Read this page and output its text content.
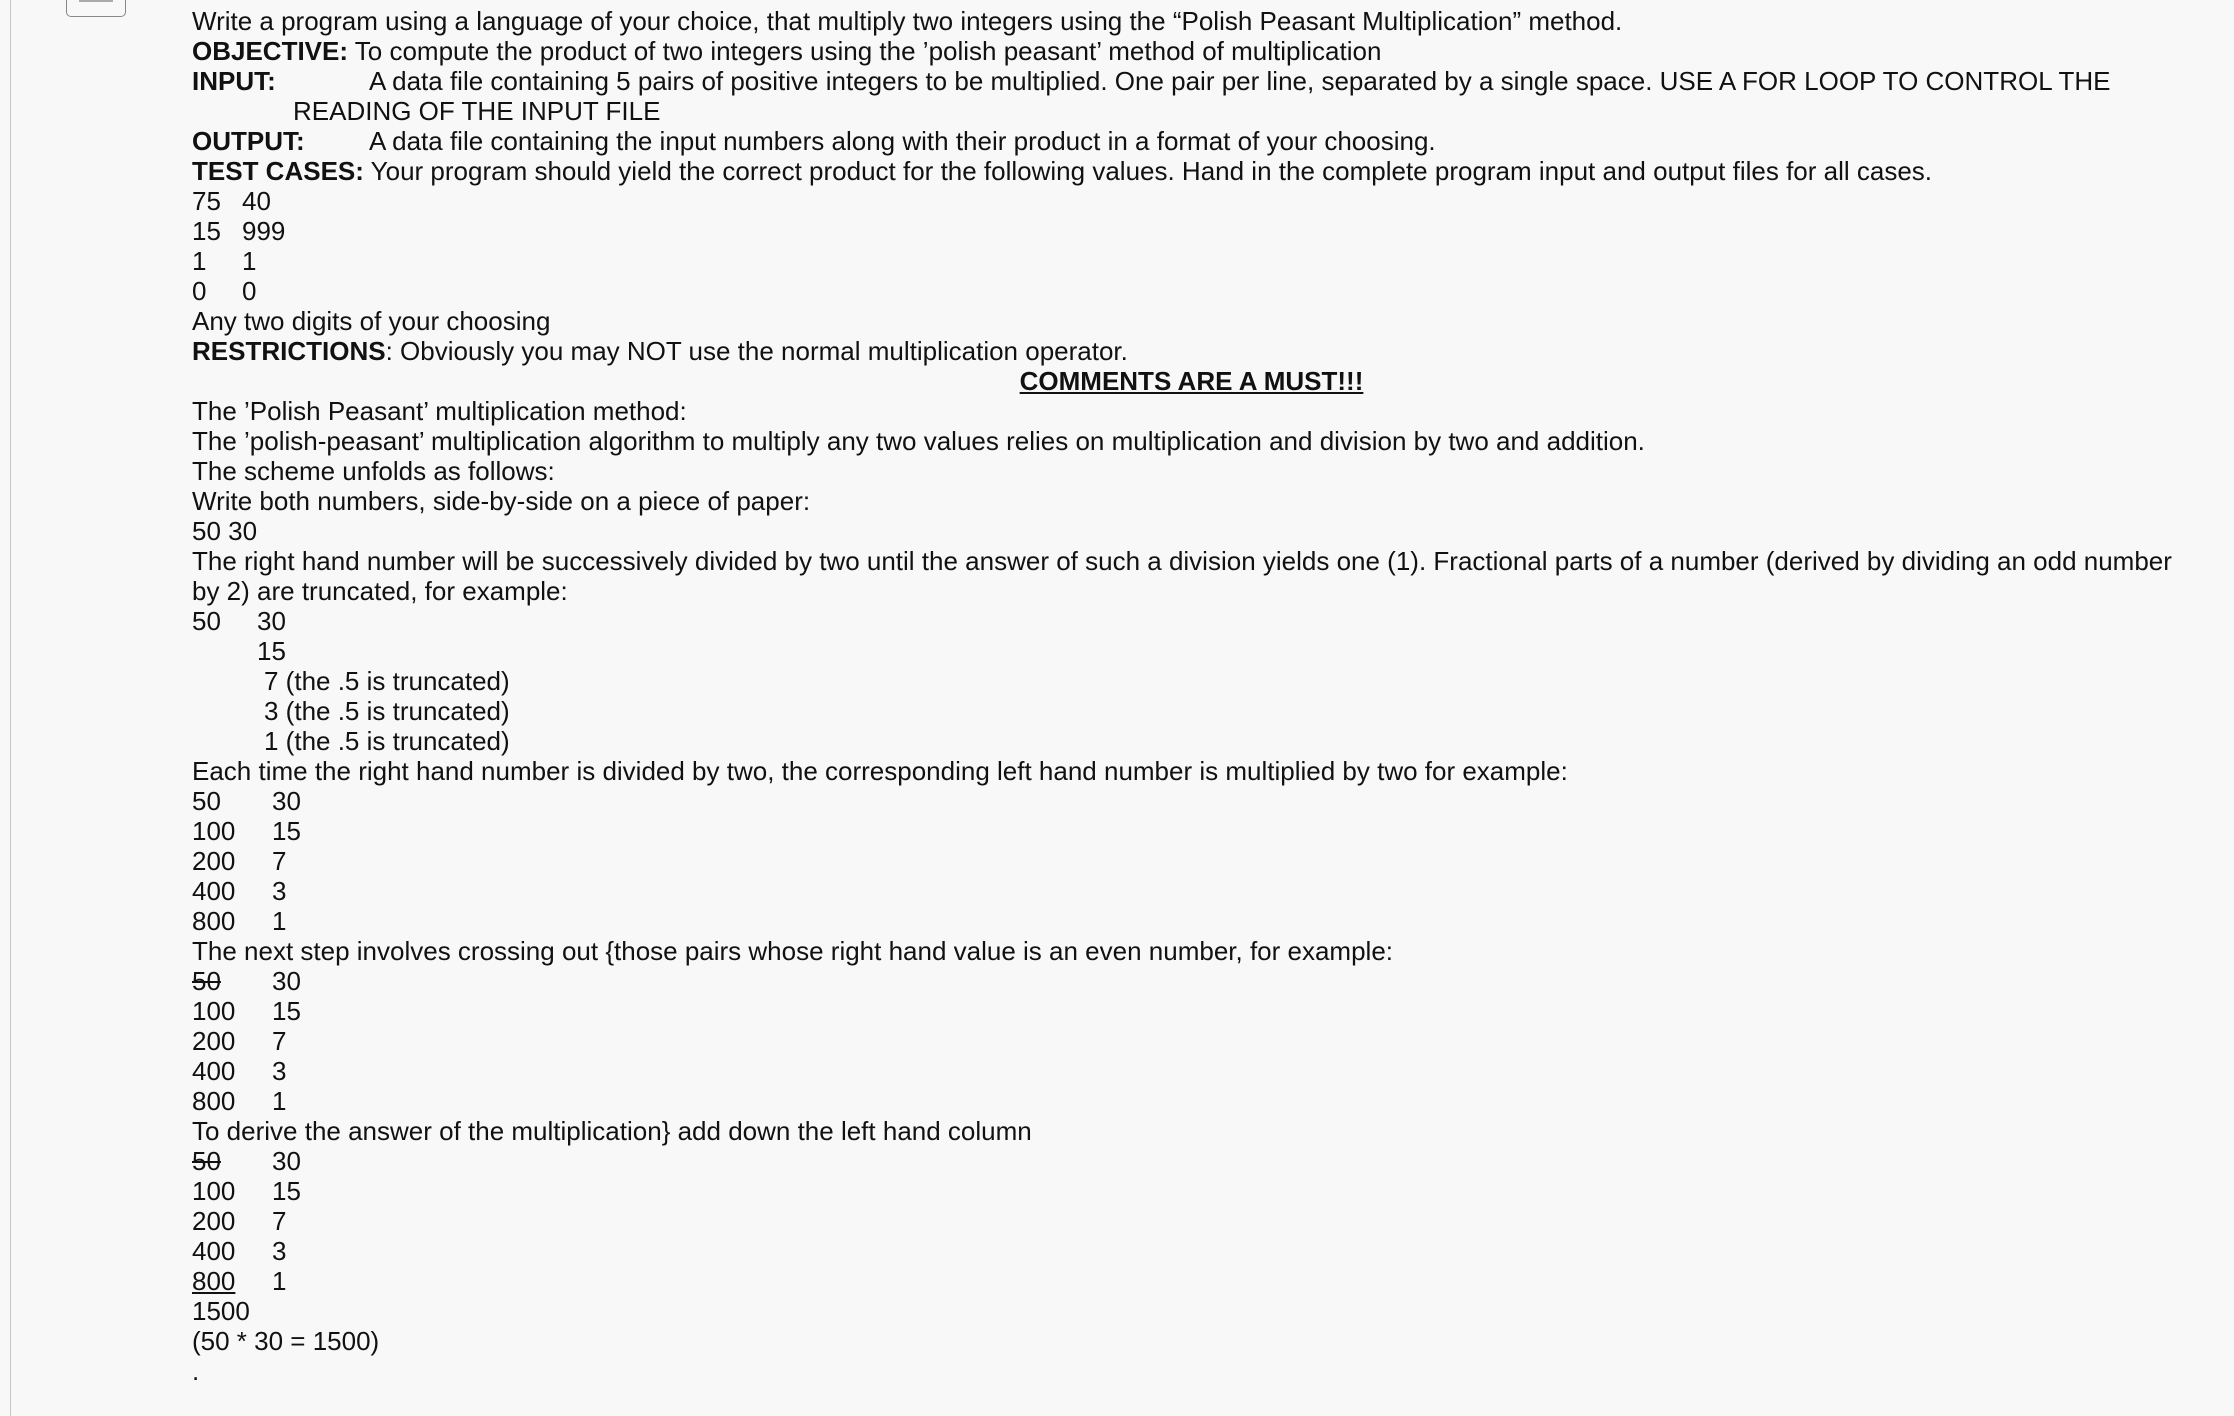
Write a program using a language of your choice, that multiply two integers using the “Polish Peasant Multiplication” method.
OBJECTIVE: To compute the product of two integers using the ’polish peasant’ method of multiplication
INPUT:	A data file containing 5 pairs of positive integers to be multiplied. One pair per line, separated by a single space. USE A FOR LOOP TO CONTROL THE
READING OF THE INPUT FILE
OUTPUT: A data file containing the input numbers along with their product in a format of your choosing.
TEST CASES: Your program should yield the correct product for the following values. Hand in the complete program input and output files for all cases.
75 40
15 999
1 1
0 0
Any two digits of your choosing
RESTRICTIONS: Obviously you may NOT use the normal multiplication operator.
COMMENTS ARE A MUST!!!
The ’Polish Peasant’ multiplication method:
The ’polish-peasant’ multiplication algorithm to multiply any two values relies on multiplication and division by two and addition.
The scheme unfolds as follows:
Write both numbers, side-by-side on a piece of paper:
50 30
The right hand number will be successively divided by two until the answer of such a division yields one (1). Fractional parts of a number (derived by dividing an odd number
by 2) are truncated, for example:
50 30
15
7 (the .5 is truncated)
3 (the .5 is truncated)
1 (the .5 is truncated)
Each time the right hand number is divided by two, the corresponding left hand number is multiplied by two for example:
50 30
100 15
200 7
400 3
800 1
The next step involves crossing out {those pairs whose right hand value is an even number, for example:
50 30
100 15
200 7
400 3
800 1
To derive the answer of the multiplication} add down the left hand column
50 30
100 15
200 7
400 3
800	1
1500
(50 * 30 = 1500)
.
